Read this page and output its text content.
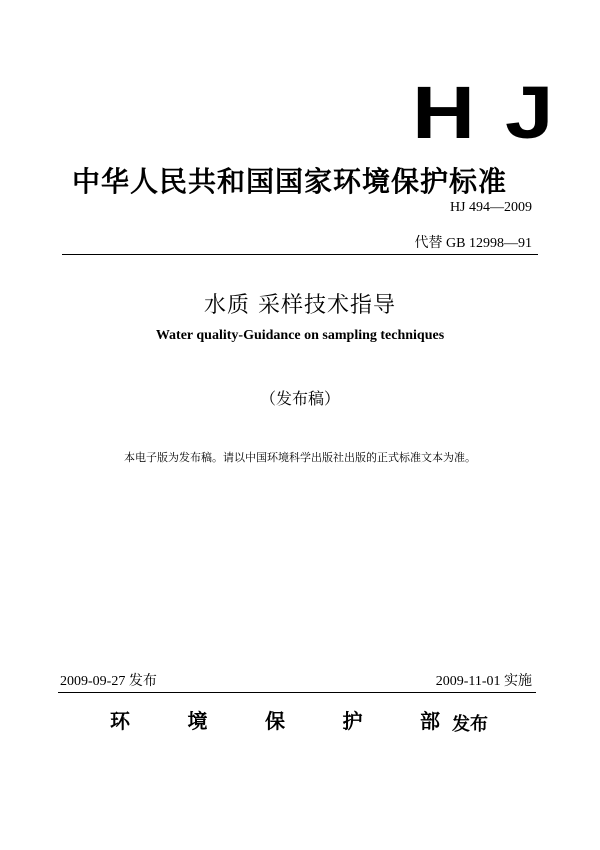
H J
中华人民共和国国家环境保护标准
HJ 494—2009
代替 GB 12998—91
水质 采样技术指导
Water quality-Guidance on sampling techniques
（发布稿）
本电子版为发布稿。请以中国环境科学出版社出版的正式标准文本为准。
2009-09-27 发布	2009-11-01 实施
环	境	保	护	部 发布
